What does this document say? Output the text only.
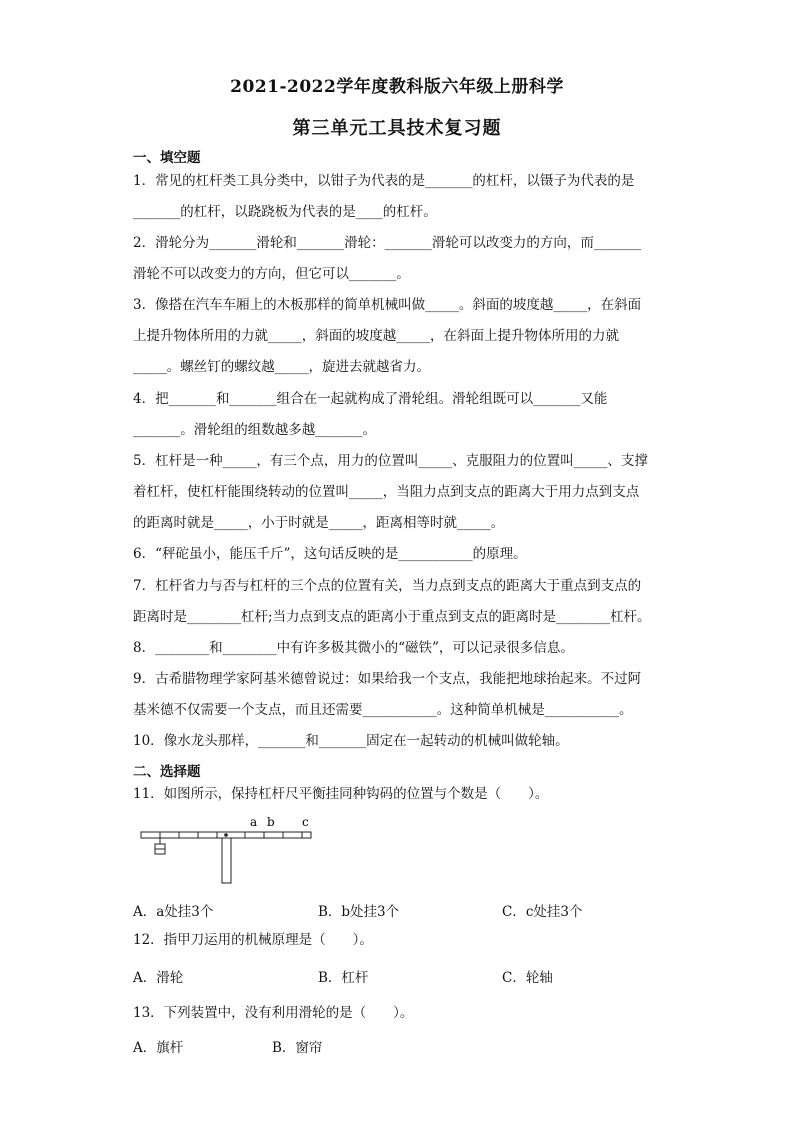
2021-2022学年度教科版六年级上册科学
第三单元工具技术复习题
一、填空题
1．常见的杠杆类工具分类中，以钳子为代表的是_______的杠杆，以镊子为代表的是
_______的杠杆，以跷跷板为代表的是____的杠杆。
2．滑轮分为_______滑轮和_______滑轮：_______滑轮可以改变力的方向，而_______
滑轮不可以改变力的方向，但它可以_______。
3．像搭在汽车车厢上的木板那样的简单机械叫做_____。斜面的坡度越_____，在斜面
上提升物体所用的力就_____，斜面的坡度越_____，在斜面上提升物体所用的力就
_____。螺丝钉的螺纹越_____，旋进去就越省力。
4．把_______和_______组合在一起就构成了滑轮组。滑轮组既可以_______又能
_______。滑轮组的组数越多越_______。
5．杠杆是一种_____，有三个点，用力的位置叫_____、克服阻力的位置叫_____、支撑
着杠杆，使杠杆能围绕转动的位置叫_____，当阻力点到支点的距离大于用力点到支点
的距离时就是_____，小于时就是_____，距离相等时就_____。
6．“秤砣虽小，能压千斤”，这句话反映的是___________的原理。
7．杠杆省力与否与杠杆的三个点的位置有关，当力点到支点的距离大于重点到支点的
距离时是________杠杆;当力点到支点的距离小于重点到支点的距离时是________杠杆。
8．________和________中有许多极其微小的“磁铁”，可以记录很多信息。
9．古希腊物理学家阿基米德曾说过：如果给我一个支点，我能把地球抬起来。不过阿
基米德不仅需要一个支点，而且还需要___________。这种简单机械是___________。
10．像水龙头那样，_______和_______固定在一起转动的机械叫做轮轴。
二、选择题
11．如图所示，保持杠杆尺平衡挂同种钩码的位置与个数是（　　）。
a b c
A．a处挂3个	B．b处挂3个	C．c处挂3个
12．指甲刀运用的机械原理是（　　）。
A．滑轮	B．杠杆	C．轮轴
13．下列装置中，没有利用滑轮的是（　　）。
A．旗杆	B．窗帘
